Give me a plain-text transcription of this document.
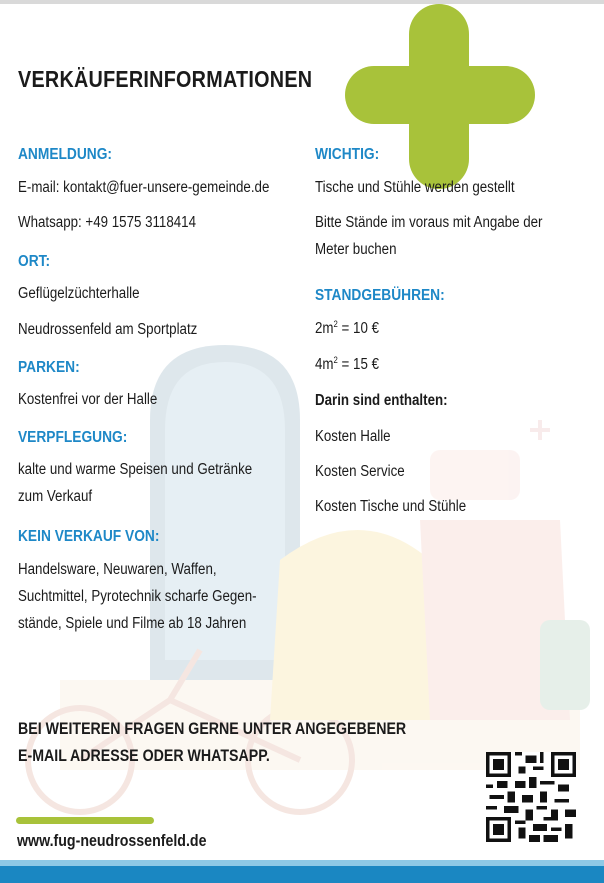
VERKÄUFERINFORMATIONEN
ANMELDUNG:
E-mail: kontakt@fuer-unsere-gemeinde.de
Whatsapp: +49 1575 3118414
ORT:
Geflügelzüchterhalle
Neudrossenfeld am Sportplatz
PARKEN:
Kostenfrei vor der Halle
VERPFLEGUNG:
kalte und warme Speisen und Getränke
zum Verkauf
KEIN VERKAUF VON:
Handelsware, Neuwaren, Waffen,
Suchtmittel, Pyrotechnik scharfe Gegen-
stände, Spiele und Filme ab 18 Jahren
WICHTIG:
Tische und Stühle werden gestellt
Bitte Stände im voraus mit Angabe der
Meter buchen
STANDGEBÜHREN:
$2m^2 = 10$ €
$4m^2 = 15$ €
Darin sind enthalten:
Kosten Halle
Kosten Service
Kosten Tische und Stühle
BEI WEITEREN FRAGEN GERNE UNTER ANGEGEBENER
E-MAIL ADRESSE ODER WHATSAPP.
www.fug-neudrossenfeld.de
